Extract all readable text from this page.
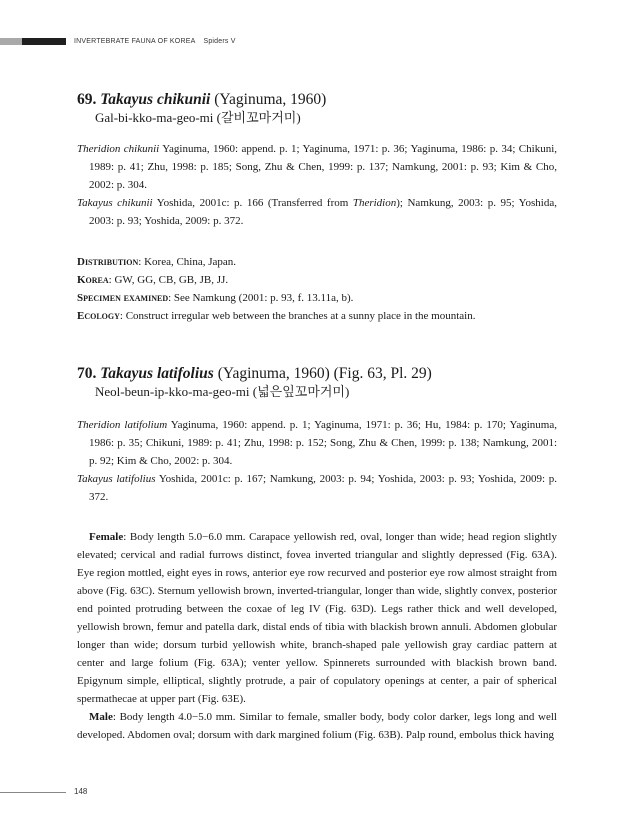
INVERTEBRATE FAUNA OF KOREA Spiders V
69. Takayus chikunii (Yaginuma, 1960)
Gal-bi-kko-ma-geo-mi (갈비꼬마거미)

Theridion chikunii Yaginuma, 1960: append. p. 1; Yaginuma, 1971: p. 36; Yaginuma, 1986: p. 34; Chikuni, 1989: p. 41; Zhu, 1998: p. 185; Song, Zhu & Chen, 1999: p. 137; Namkung, 2001: p. 93; Kim & Cho, 2002: p. 304.

Takayus chikunii Yoshida, 2001c: p. 166 (Transferred from Theridion); Namkung, 2003: p. 95; Yoshida, 2003: p. 93; Yoshida, 2009: p. 372.

Distribution: Korea, China, Japan.

Korea: GW, GG, CB, GB, JB, JJ.

Specimen examined: See Namkung (2001: p. 93, f. 13.11a, b).

Ecology: Construct irregular web between the branches at a sunny place in the mountain.

70. Takayus latifolius (Yaginuma, 1960) (Fig. 63, Pl. 29)
Neol-beun-ip-kko-ma-geo-mi (넓은잎꼬마거미)

Theridion latifolium Yaginuma, 1960: append. p. 1; Yaginuma, 1971: p. 36; Hu, 1984: p. 170; Yaginuma, 1986: p. 35; Chikuni, 1989: p. 41; Zhu, 1998: p. 152; Song, Zhu & Chen, 1999: p. 138; Namkung, 2001: p. 92; Kim & Cho, 2002: p. 304.

Takayus latifolius Yoshida, 2001c: p. 167; Namkung, 2003: p. 94; Yoshida, 2003: p. 93; Yoshida, 2009: p. 372.

Female: Body length 5.0−6.0 mm. Carapace yellowish red, oval, longer than wide; head region slightly elevated; cervical and radial furrows distinct, fovea inverted triangular and slightly depressed (Fig. 63A). Eye region mottled, eight eyes in rows, anterior eye row recurved and posterior eye row almost straight from above (Fig. 63C). Sternum yellowish brown, inverted-triangular, longer than wide, slightly convex, posterior end pointed protruding between the coxae of leg IV (Fig. 63D). Legs rather thick and well developed, yellowish brown, femur and patella dark, distal ends of tibia with blackish brown annuli. Abdomen globular longer than wide; dorsum turbid yellowish white, branch-shaped pale yellowish gray cardiac pattern at center and large folium (Fig. 63A); venter yellow. Spinnerets surrounded with blackish brown band. Epigynum simple, elliptical, slightly protrude, a pair of copulatory openings at center, a pair of spherical spermathecae at upper part (Fig. 63E).

Male: Body length 4.0−5.0 mm. Similar to female, smaller body, body color darker, legs long and well developed. Abdomen oval; dorsum with dark margined folium (Fig. 63B). Palp round, embolus thick having

148
